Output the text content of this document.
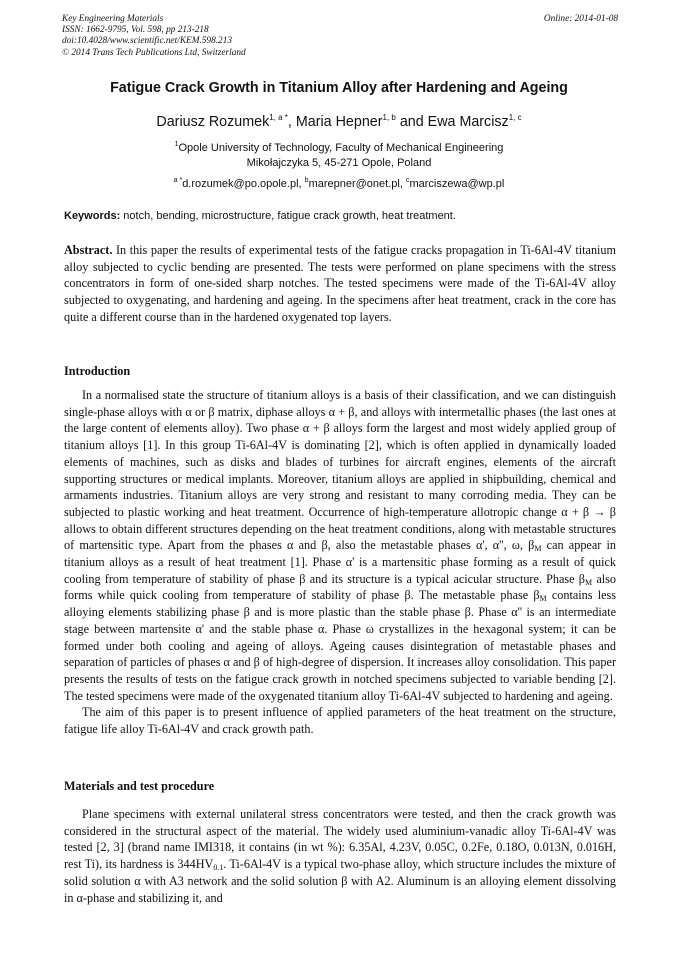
Key Engineering Materials
ISSN: 1662-9795, Vol. 598, pp 213-218
doi:10.4028/www.scientific.net/KEM.598.213
© 2014 Trans Tech Publications Ltd, Switzerland
Online: 2014-01-08
Fatigue Crack Growth in Titanium Alloy after Hardening and Ageing
Dariusz Rozumek$^{1, a *}$, Maria Hepner$^{1, b}$ and Ewa Marcisz$^{1, c}$
$^1$Opole University of Technology, Faculty of Mechanical Engineering
Mikołajczyka 5, 45-271 Opole, Poland
$^{a *}$d.rozumek@po.opole.pl, $^b$marepner@onet.pl, $^c$marciszewa@wp.pl
Keywords: notch, bending, microstructure, fatigue crack growth, heat treatment.

Abstract. In this paper the results of experimental tests of the fatigue cracks propagation in Ti-6Al-4V titanium alloy subjected to cyclic bending are presented. The tests were performed on plane specimens with the stress concentrators in form of one-sided sharp notches. The tested specimens were made of the Ti-6Al-4V alloy subjected to oxygenating, and hardening and ageing. In the specimens after heat treatment, crack in the core has quite a different course than in the hardened oxygenated top layers.

Introduction

In a normalised state the structure of titanium alloys is a basis of their classification, and we can distinguish single-phase alloys with α or β matrix, diphase alloys α + β, and alloys with intermetallic phases (the last ones at the large content of elements alloy). Two phase α + β alloys form the largest and most widely applied group of titanium alloys [1]. In this group Ti-6Al-4V is dominating [2], which is often applied in dynamically loaded elements of machines, such as disks and blades of turbines for aircraft engines, elements of the aircraft supporting structures or medical implants. Moreover, titanium alloys are applied in shipbuilding, chemical and armaments industries. Titanium alloys are very strong and resistant to many corroding media. They can be subjected to plastic working and heat treatment. Occurrence of high-temperature allotropic change α + β → β allows to obtain different structures depending on the heat treatment conditions, along with metastable structures of martensitic type. Apart from the phases α and β, also the metastable phases α', α'', ω, $\beta_M$ can appear in titanium alloys as a result of heat treatment [1]. Phase α' is a martensitic phase forming as a result of quick cooling from temperature of stability of phase β and its structure is a typical acicular structure. Phase $\beta_M$ also forms while quick cooling from temperature of stability of phase β. The metastable phase $\beta_M$ contains less alloying elements stabilizing phase β and is more plastic than the stable phase β. Phase α'' is an intermediate stage between martensite α' and the stable phase α. Phase ω crystallizes in the hexagonal system; it can be formed under both cooling and ageing of alloys. Ageing causes disintegration of metastable phases and separation of particles of phases α and β of high-degree of dispersion. It increases alloy consolidation. This paper presents the results of tests on the fatigue crack growth in notched specimens subjected to variable bending [2]. The tested specimens were made of the oxygenated titanium alloy Ti-6Al-4V subjected to hardening and ageing.

The aim of this paper is to present influence of applied parameters of the heat treatment on the structure, fatigue life alloy Ti-6Al-4V and crack growth path.

Materials and test procedure

Plane specimens with external unilateral stress concentrators were tested, and then the crack growth was considered in the structural aspect of the material. The widely used aluminium-vanadic alloy Ti-6Al-4V was tested [2, 3] (brand name IMI318, it contains (in wt %): 6.35Al, 4.23V, 0.05C, 0.2Fe, 0.18O, 0.013N, 0.016H, rest Ti), its hardness is $344HV_{0.1}$. Ti-6Al-4V is a typical two-phase alloy, which structure includes the mixture of solid solution α with A3 network and the solid solution β with A2. Aluminum is an alloying element dissolving in α-phase and stabilizing it, and
